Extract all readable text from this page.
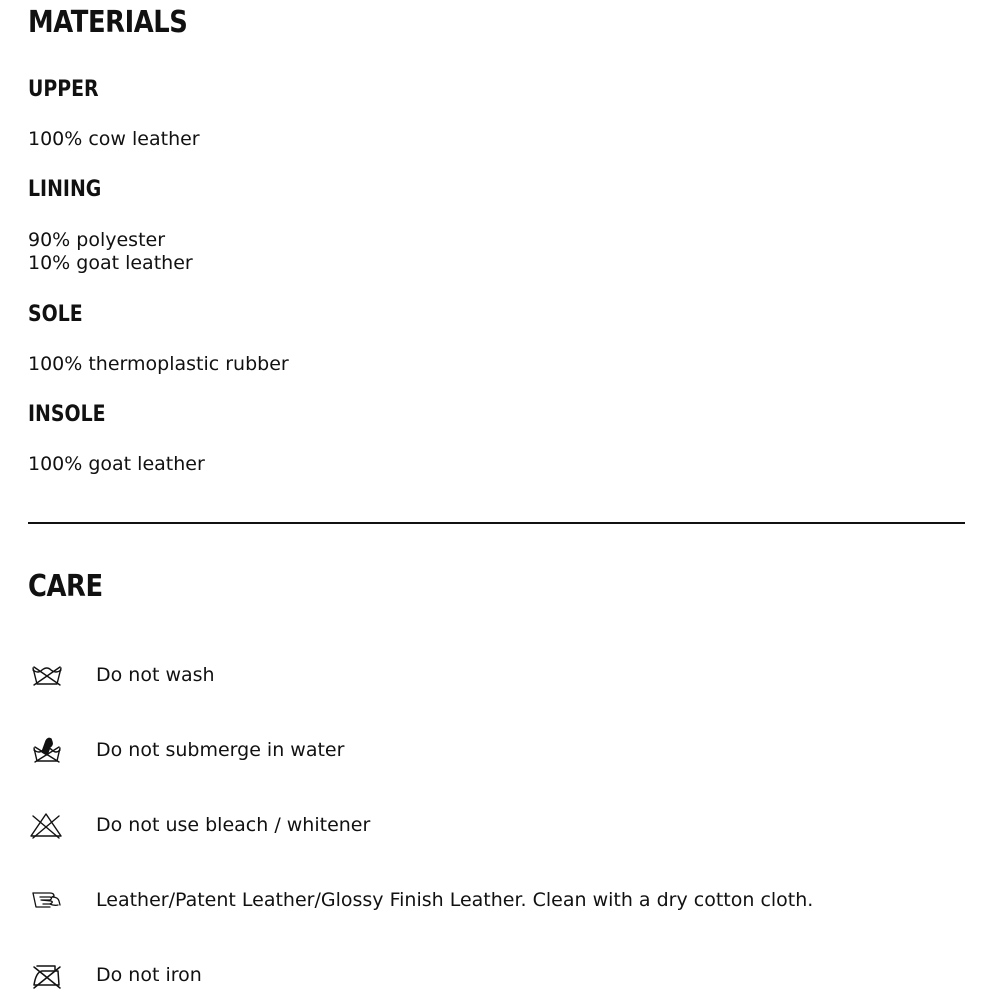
MATERIALS
UPPER

100% cow leather

LINING

90% polyester

10% goat leather

SOLE

100% thermoplastic rubber

INSOLE

100% goat leather

CARE
Do not wash
Do not submerge in water
Do not use bleach / whitener
Leather/Patent Leather/Glossy Finish Leather. Clean with a dry cotton cloth.
Do not iron
